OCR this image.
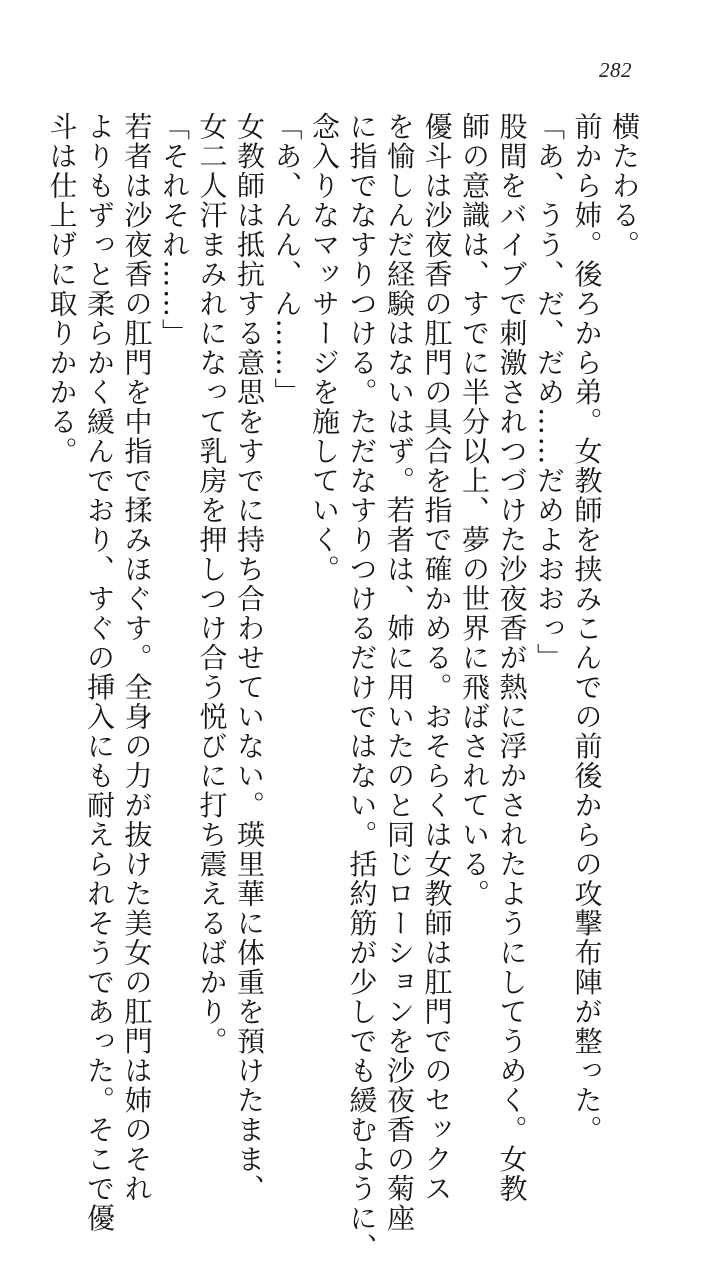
282
横たわる。
前から姉。後ろから弟。女教師を挟みこんでの前後からの攻撃布陣が整った。
「あ、うう、だ、だめ……だめよおおっ」
股間をバイブで刺激されつづけた沙夜香が熱に浮かされたようにしてうめく。女教
師の意識は、すでに半分以上、夢の世界に飛ばされている。
優斗は沙夜香の肛門の具合を指で確かめる。おそらくは女教師は肛門でのセックス
を愉しんだ経験はないはず。若者は、姉に用いたのと同じローションを沙夜香の菊座
に指でなすりつける。ただなすりつけるだけではない。括約筋が少しでも緩むように、
念入りなマッサージを施していく。
「あ、んん、ん……」
女教師は抵抗する意思をすでに持ち合わせていない。瑛里華に体重を預けたまま、
女二人汗まみれになって乳房を押しつけ合う悦びに打ち震えるばかり。
「それそれ……」
若者は沙夜香の肛門を中指で揉みほぐす。全身の力が抜けた美女の肛門は姉のそれ
よりもずっと柔らかく緩んでおり、すぐの挿入にも耐えられそうであった。そこで優
斗は仕上げに取りかかる。
